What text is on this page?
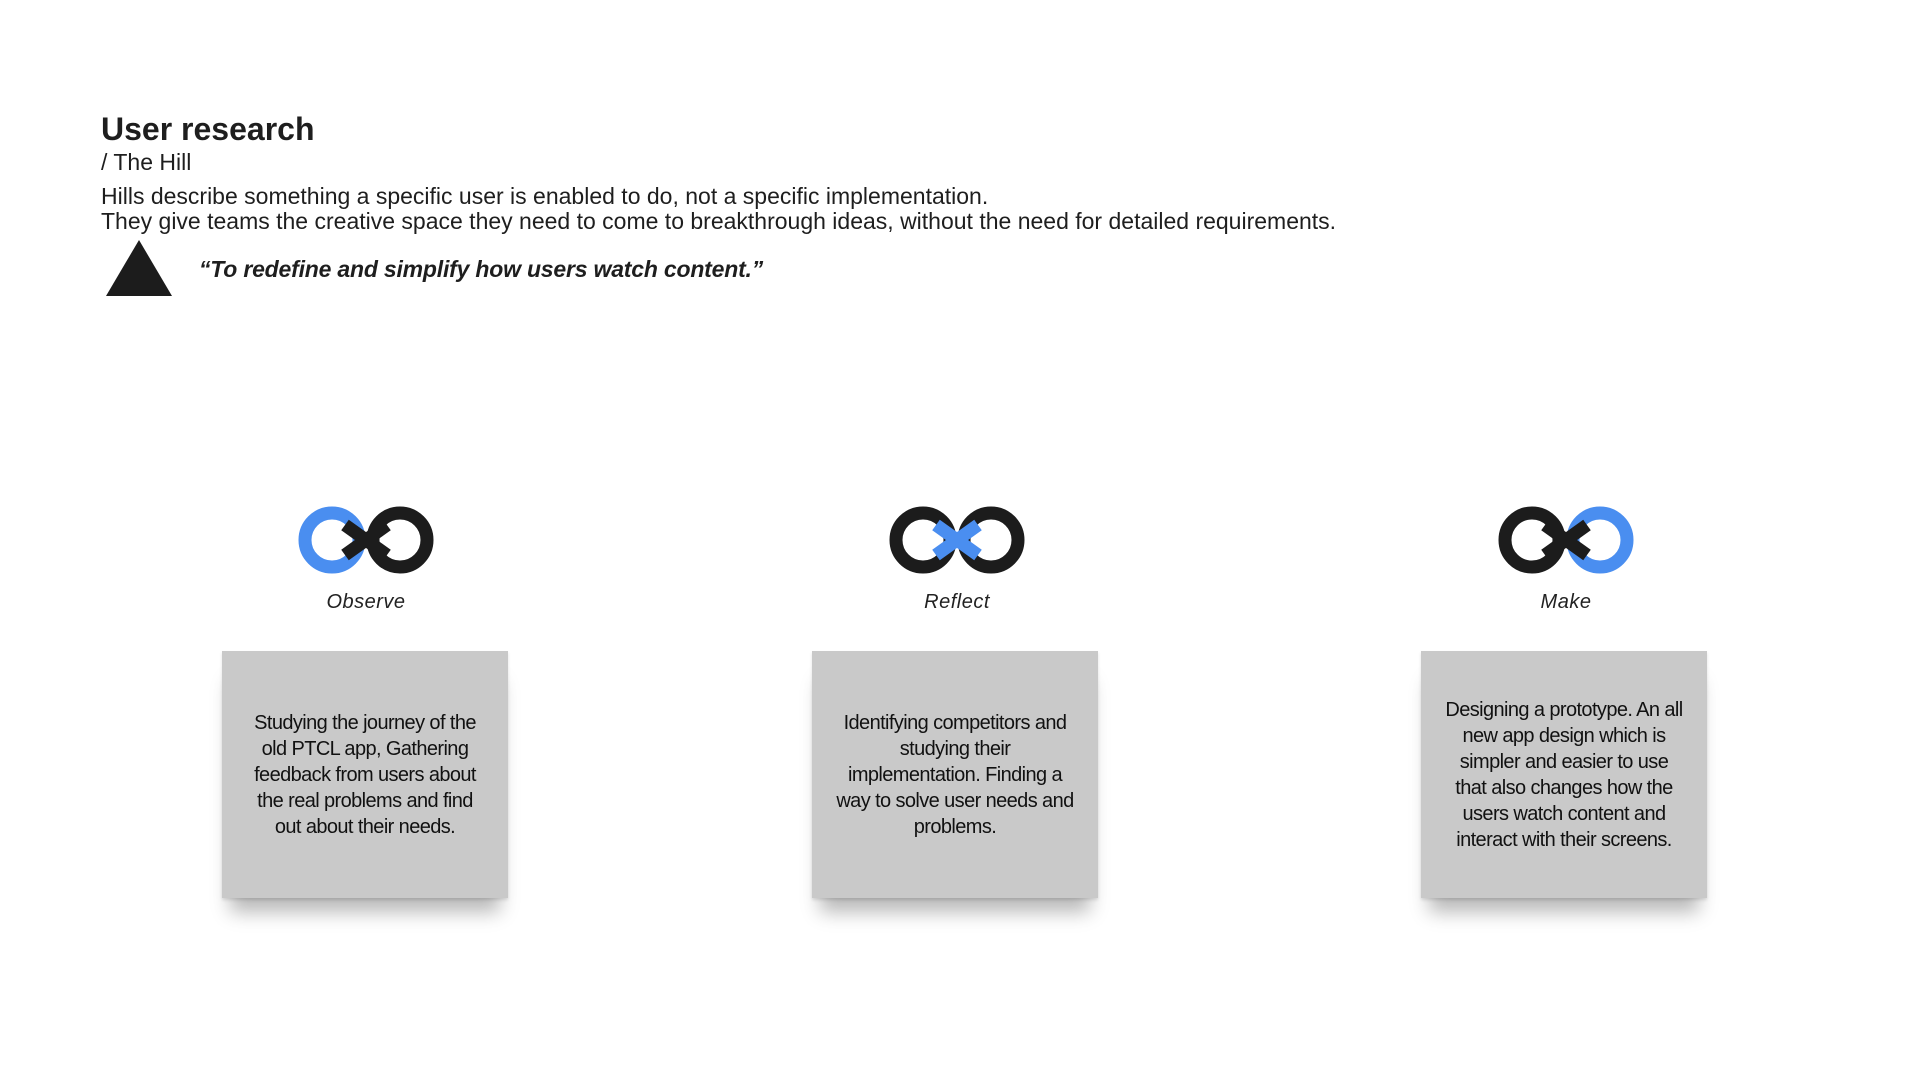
User research

/ The Hill

Hills describe something a specific user is enabled to do, not a specific implementation.

They give teams the creative space they need to come to breakthrough ideas, without the need for detailed requirements.

“To redefine and simplify how users watch content.”
Observe
Studying the journey of the old PTCL app, Gathering feedback from users about the real problems and find out about their needs.
Reflect
Identifying competitors and studying their implementation. Finding a way to solve user needs and problems.
Make
Designing a prototype. An all new app design which is simpler and easier to use that also changes how the users watch content and interact with their screens.
